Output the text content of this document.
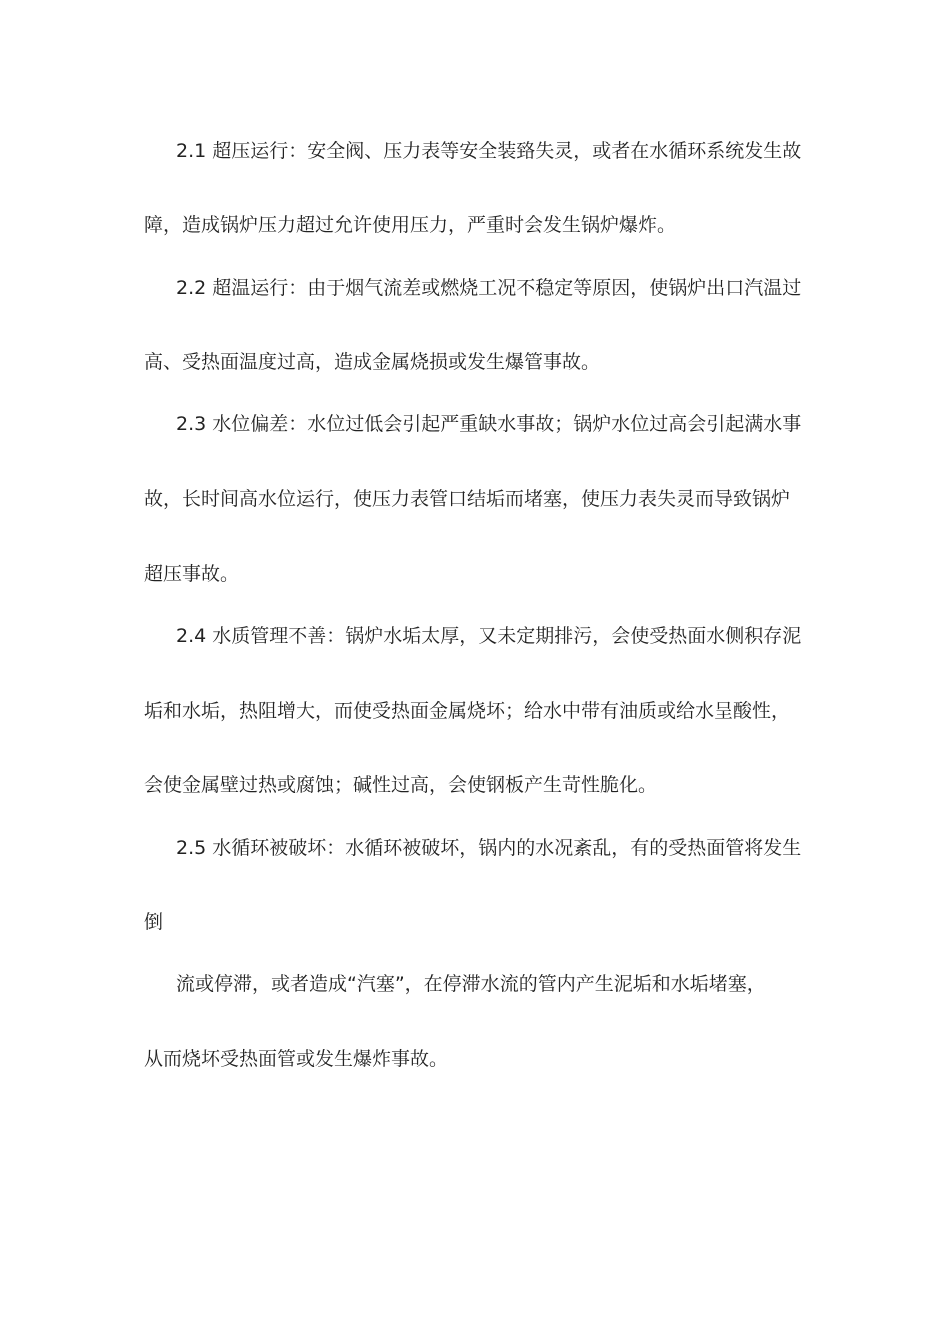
2.1 超压运行：安全阀、压力表等安全装臵失灵，或者在水循环系统发生故
障，造成锅炉压力超过允许使用压力，严重时会发生锅炉爆炸。
2.2 超温运行：由于烟气流差或燃烧工况不稳定等原因，使锅炉出口汽温过
高、受热面温度过高，造成金属烧损或发生爆管事故。
2.3 水位偏差：水位过低会引起严重缺水事故；锅炉水位过高会引起满水事
故，长时间高水位运行，使压力表管口结垢而堵塞，使压力表失灵而导致锅炉
超压事故。
2.4 水质管理不善：锅炉水垢太厚，又未定期排污，会使受热面水侧积存泥
垢和水垢，热阻增大，而使受热面金属烧坏；给水中带有油质或给水呈酸性，
会使金属壁过热或腐蚀；碱性过高，会使钢板产生苛性脆化。
2.5 水循环被破坏：水循环被破坏，锅内的水况紊乱，有的受热面管将发生
倒
流或停滞，或者造成“汽塞”，在停滞水流的管内产生泥垢和水垢堵塞，
从而烧坏受热面管或发生爆炸事故。
